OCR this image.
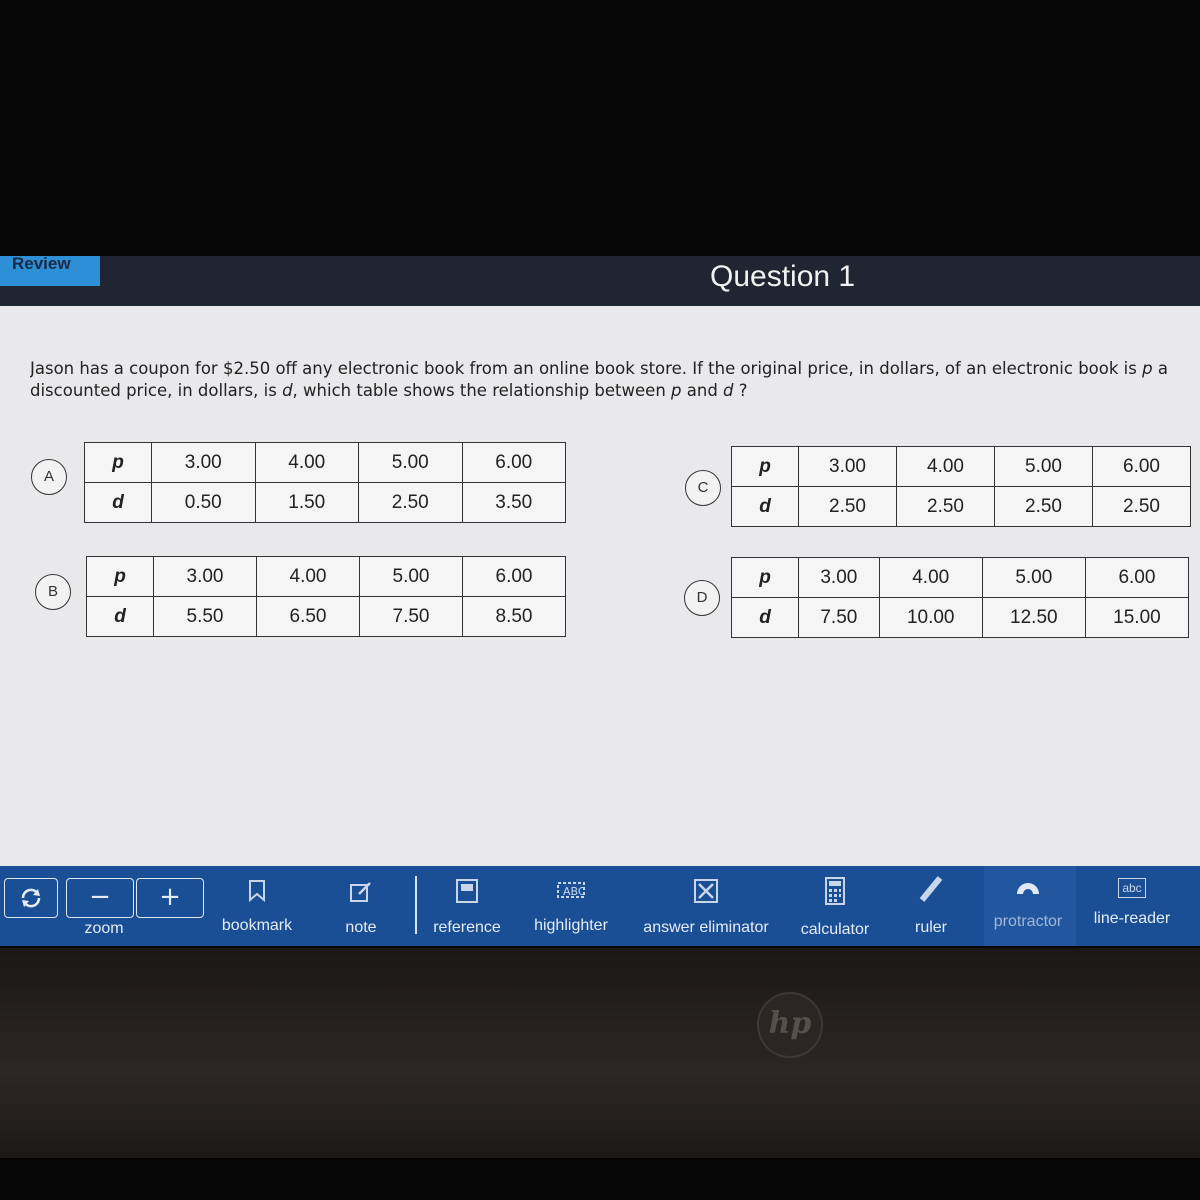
hp
Review	Question 1
Jason has a coupon for $2.50 off any electronic book from an online book store. If the original price, in dollars, of an electronic book is p a
discounted price, in dollars, is d, which table shows the relationship between p and d ?
A
p	3.00	4.00	5.00	6.00
d	0.50	1.50	2.50	3.50
C
p	3.00	4.00	5.00	6.00
d	2.50	2.50	2.50	2.50
B
p	3.00	4.00	5.00	6.00
d	5.50	6.50	7.50	8.50
D
p	3.00	4.00	5.00	6.00
d	7.50	10.00	12.50	15.00
−	+
zoom	bookmark	note	reference
ABC
highlighter	answer eliminator	calculator	ruler	protractor
abc
line-reader
